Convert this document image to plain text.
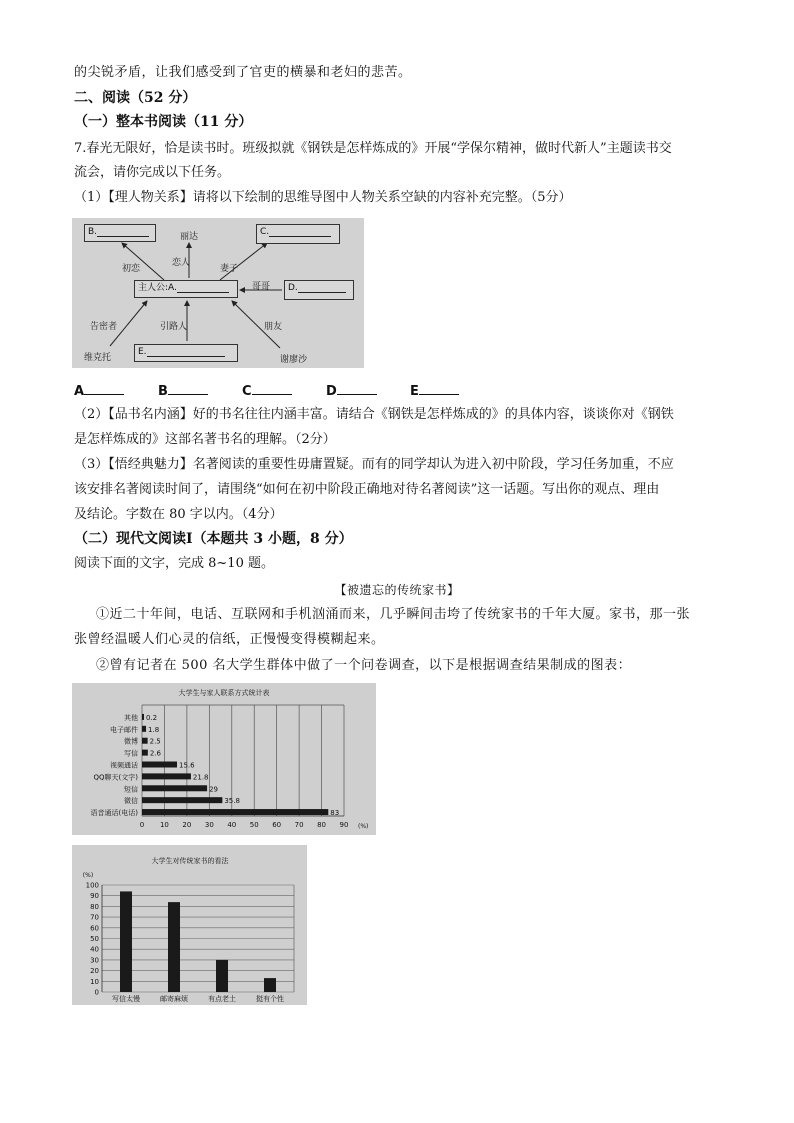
的尖锐矛盾，让我们感受到了官吏的横暴和老妇的悲苦。
二、阅读（52 分）
（一）整本书阅读（11 分）
7.春光无限好，恰是读书时。班级拟就《钢铁是怎样炼成的》开展“学保尔精神，做时代新人”主题读书交
流会，请你完成以下任务。
（1）【理人物关系】请将以下绘制的思维导图中人物关系空缺的内容补充完整。（5分）
B.	C.
主人公:A.	D.
E.
丽达
恋人
初恋	妻子
哥哥
告密者	引路人	朋友
维克托	谢廖沙
A	B	C	D	E
（2）【品书名内涵】好的书名往往内涵丰富。请结合《钢铁是怎样炼成的》的具体内容，谈谈你对《钢铁
是怎样炼成的》这部名著书名的理解。（2分）
（3）【悟经典魅力】名著阅读的重要性毋庸置疑。而有的同学却认为进入初中阶段，学习任务加重，不应
该安排名著阅读时间了，请围绕“如何在初中阶段正确地对待名著阅读”这一话题。写出你的观点、理由
及结论。字数在 80 字以内。（4分）
（二）现代文阅读Ⅰ（本题共 3 小题，8 分）
阅读下面的文字，完成 8~10 题。
【被遗忘的传统家书】
①近二十年间，电话、互联网和手机汹涌而来，几乎瞬间击垮了传统家书的千年大厦。家书，那一张
张曾经温暖人们心灵的信纸，正慢慢变得模糊起来。
②曾有记者在 500 名大学生群体中做了一个问卷调查，以下是根据调查结果制成的图表：
大学生与家人联系方式统计表
0 10 20 30 40 50 60 70 80 90 (%)
其他 0.2
电子邮件 1.8
微博 2.5
写信 2.6
视频通话	15.6
QQ聊天(文字)	21.8
短信	29
微信	35.8
语音通话(电话)	83
大学生对传统家书的看法
(%)
0
10
20
30
40
50
60
70
80
90
100
写信太慢	邮寄麻烦	有点老土	挺有个性
